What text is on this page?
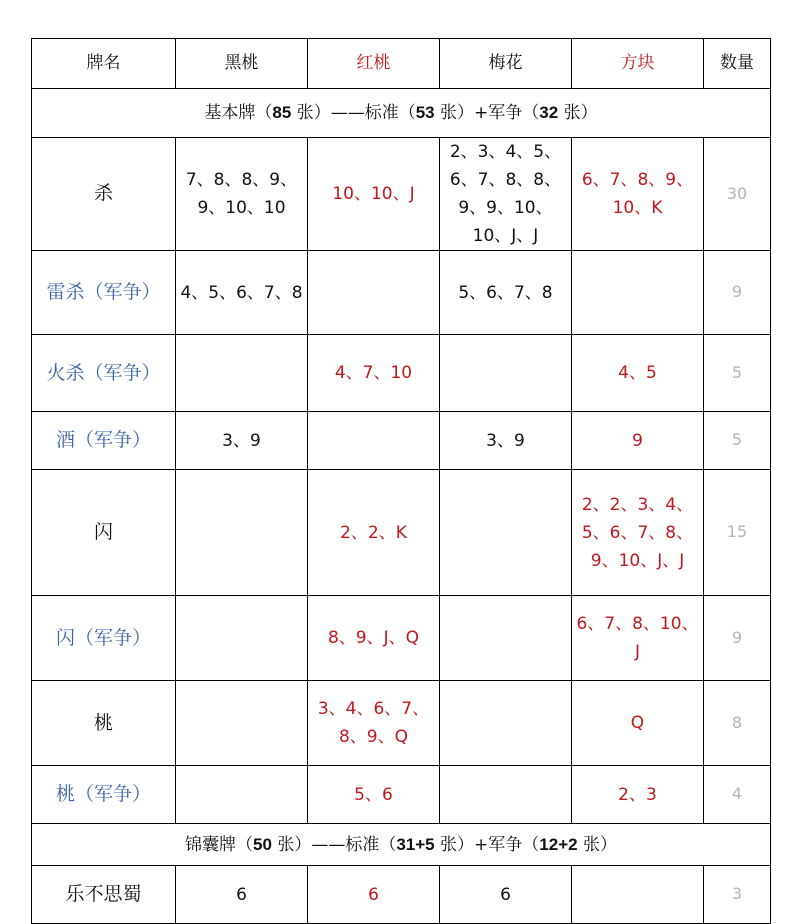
牌名	黑桃	红桃	梅花	方块	数量
基本牌（85 张）——标准（53 张）+军争（32 张）					
杀	7、8、8、9、9、10、10	10、10、J	2、3、4、5、6、7、8、8、9、9、10、10、J、J	6、7、8、9、10、K	30
雷杀（军争）	4、5、6、7、8		5、6、7、8		9
火杀（军争）		4、7、10		4、5	5
酒（军争）	3、9		3、9	9	5
闪		2、2、K		2、2、3、4、5、6、7、8、9、10、J、J	15
闪（军争）		8、9、J、Q		6、7、8、10、J	9
桃		3、4、6、7、8、9、Q		Q	8
桃（军争）		5、6		2、3	4
锦囊牌（50 张）——标准（31+5 张）+军争（12+2 张）					
乐不思蜀	6	6	6		3
